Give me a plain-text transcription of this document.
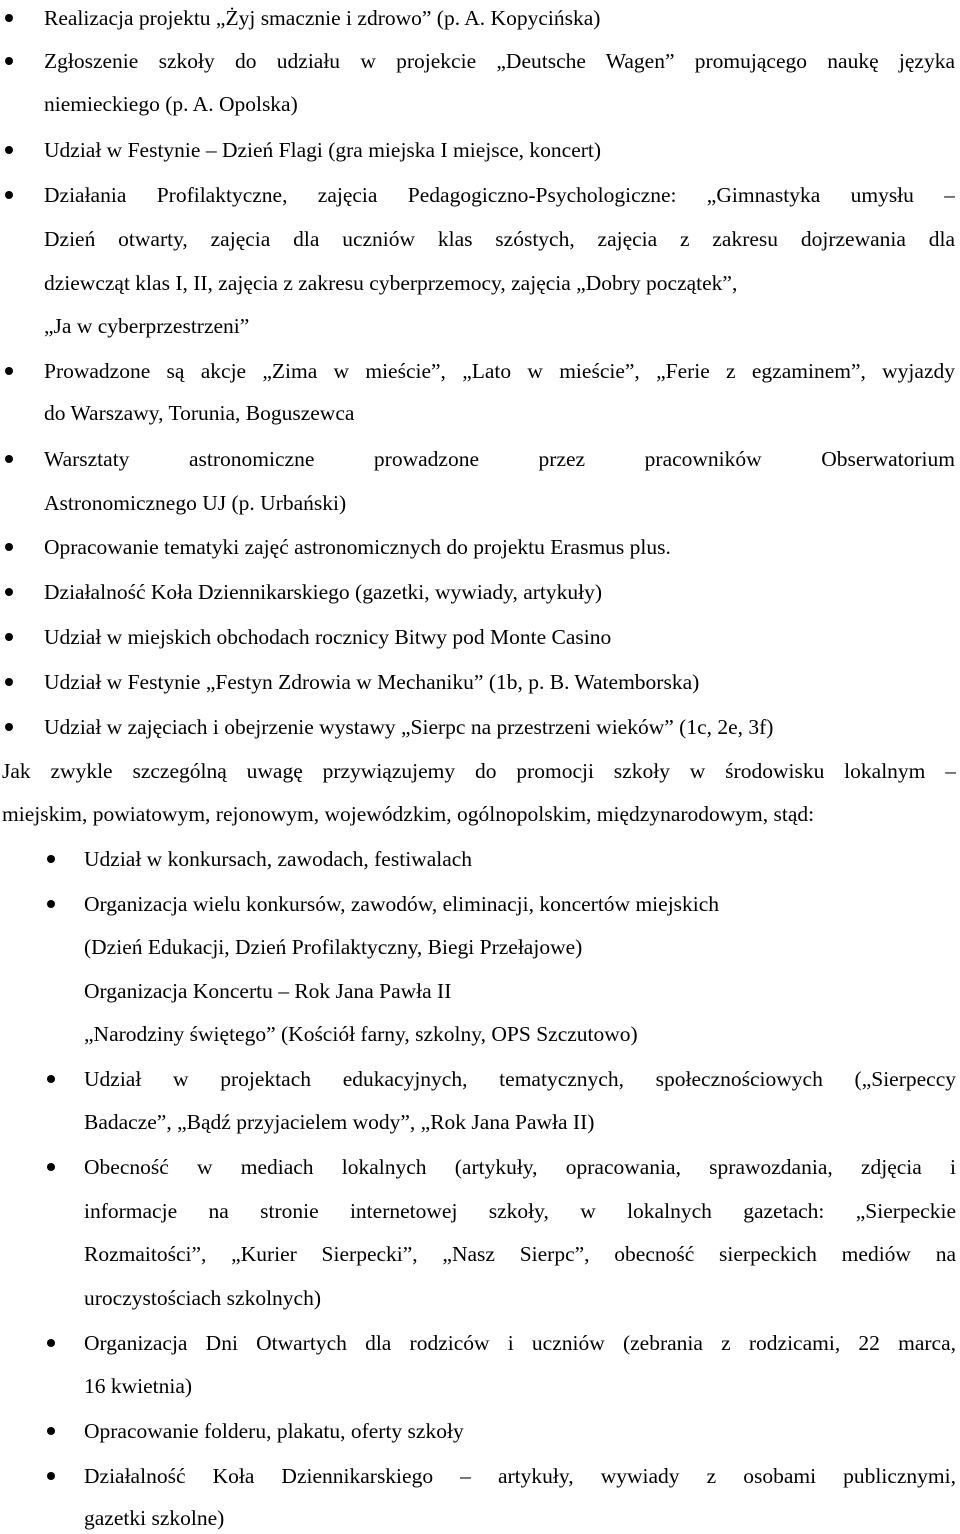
Realizacja projektu „Żyj smacznie i zdrowo” (p. A. Kopycińska)
Zgłoszenie szkoły do udziału w projekcie „Deutsche Wagen” promującego naukę języka
niemieckiego (p. A. Opolska)
Udział w Festynie – Dzień Flagi (gra miejska I miejsce, koncert)
Działania Profilaktyczne, zajęcia Pedagogiczno-Psychologiczne: „Gimnastyka umysłu –
Dzień otwarty, zajęcia dla uczniów klas szóstych, zajęcia z zakresu dojrzewania dla
dziewcząt klas I, II, zajęcia z zakresu cyberprzemocy, zajęcia „Dobry początek”,
„Ja w cyberprzestrzeni”
Prowadzone są akcje „Zima w mieście”, „Lato w mieście”, „Ferie z egzaminem”, wyjazdy
do Warszawy, Torunia, Boguszewca
Warsztaty astronomiczne prowadzone przez pracowników Obserwatorium
Astronomicznego UJ (p. Urbański)
Opracowanie tematyki zajęć astronomicznych do projektu Erasmus plus.
Działalność Koła Dziennikarskiego (gazetki, wywiady, artykuły)
Udział w miejskich obchodach rocznicy Bitwy pod Monte Casino
Udział w Festynie „Festyn Zdrowia w Mechaniku” (1b, p. B. Watemborska)
Udział w zajęciach i obejrzenie wystawy „Sierpc na przestrzeni wieków” (1c, 2e, 3f)
Jak zwykle szczególną uwagę przywiązujemy do promocji szkoły w środowisku lokalnym –
miejskim, powiatowym, rejonowym, wojewódzkim, ogólnopolskim, międzynarodowym, stąd:
Udział w konkursach, zawodach, festiwalach
Organizacja wielu konkursów, zawodów, eliminacji, koncertów miejskich
(Dzień Edukacji, Dzień Profilaktyczny, Biegi Przełajowe)
Organizacja Koncertu – Rok Jana Pawła II
„Narodziny świętego” (Kościół farny, szkolny, OPS Szczutowo)
Udział w projektach edukacyjnych, tematycznych, społecznościowych („Sierpeccy
Badacze”, „Bądź przyjacielem wody”, „Rok Jana Pawła II)
Obecność w mediach lokalnych (artykuły, opracowania, sprawozdania, zdjęcia i
informacje na stronie internetowej szkoły, w lokalnych gazetach: „Sierpeckie
Rozmaitości”, „Kurier Sierpecki”, „Nasz Sierpc”, obecność sierpeckich mediów na
uroczystościach szkolnych)
Organizacja Dni Otwartych dla rodziców i uczniów (zebrania z rodzicami, 22 marca,
16 kwietnia)
Opracowanie folderu, plakatu, oferty szkoły
Działalność Koła Dziennikarskiego – artykuły, wywiady z osobami publicznymi,
gazetki szkolne)
